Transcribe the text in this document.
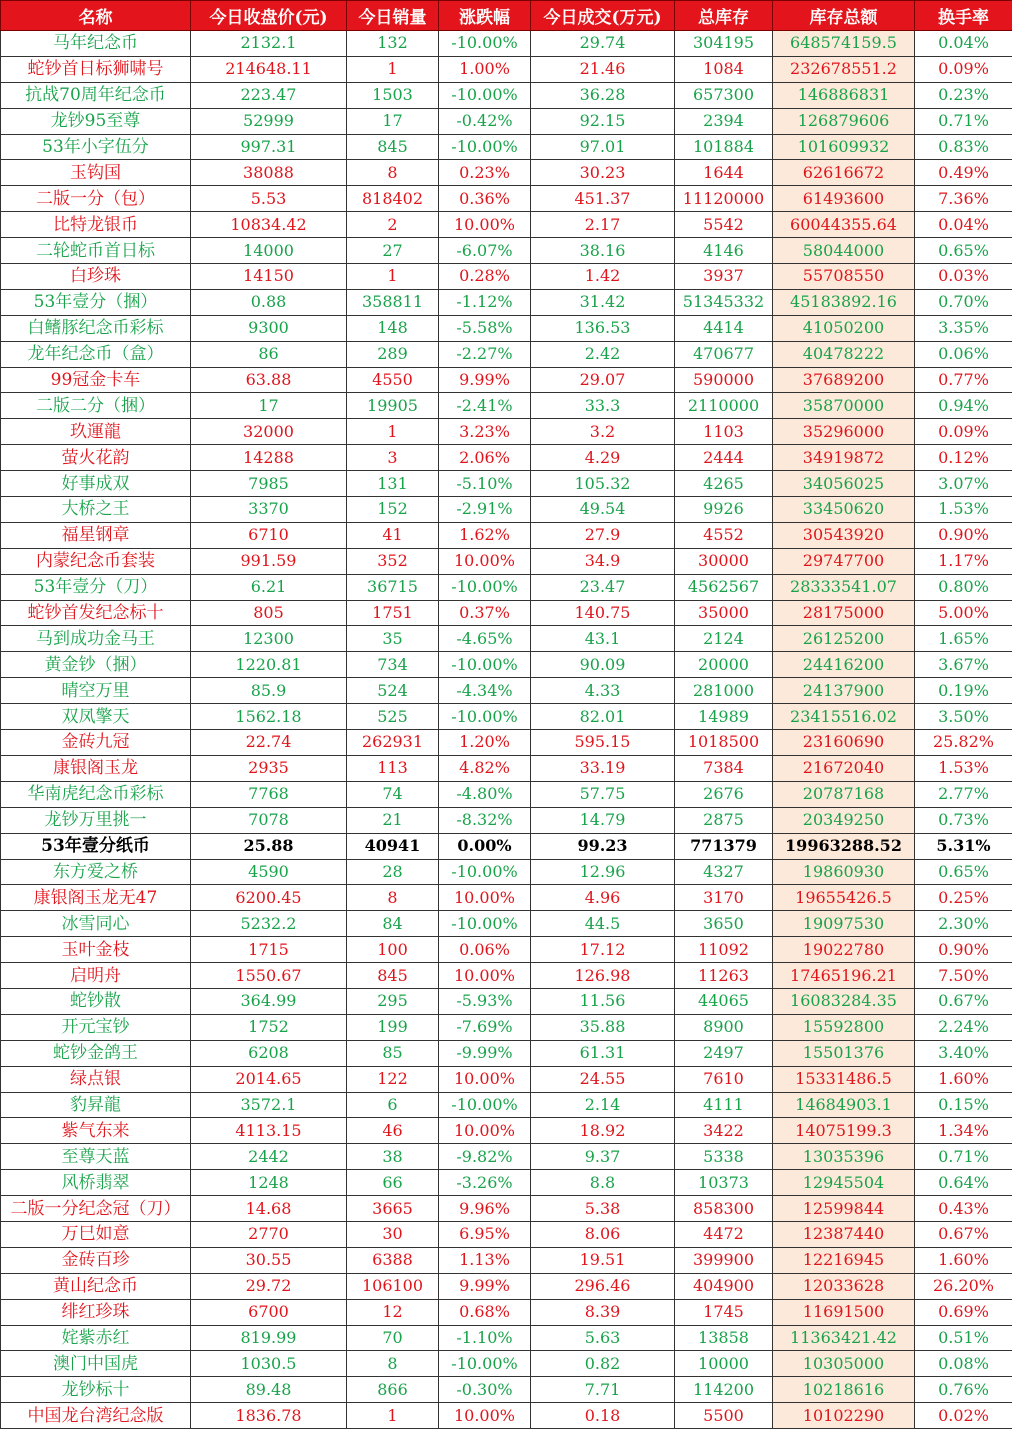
名称	今日收盘价(元)	今日销量	涨跌幅	今日成交(万元)	总库存	库存总额	换手率
马年纪念币	2132.1	132	-10.00%	29.74	304195	648574159.5	0.04%
蛇钞首日标狮啸号	214648.11	1	1.00%	21.46	1084	232678551.2	0.09%
抗战70周年纪念币	223.47	1503	-10.00%	36.28	657300	146886831	0.23%
龙钞95至尊	52999	17	-0.42%	92.15	2394	126879606	0.71%
53年小字伍分	997.31	845	-10.00%	97.01	101884	101609932	0.83%
玉钩国	38088	8	0.23%	30.23	1644	62616672	0.49%
二版一分（包）	5.53	818402	0.36%	451.37	11120000	61493600	7.36%
比特龙银币	10834.42	2	10.00%	2.17	5542	60044355.64	0.04%
二轮蛇币首日标	14000	27	-6.07%	38.16	4146	58044000	0.65%
白珍珠	14150	1	0.28%	1.42	3937	55708550	0.03%
53年壹分（捆）	0.88	358811	-1.12%	31.42	51345332	45183892.16	0.70%
白鳍豚纪念币彩标	9300	148	-5.58%	136.53	4414	41050200	3.35%
龙年纪念币（盒）	86	289	-2.27%	2.42	470677	40478222	0.06%
99冠金卡车	63.88	4550	9.99%	29.07	590000	37689200	0.77%
二版二分（捆）	17	19905	-2.41%	33.3	2110000	35870000	0.94%
玖運龍	32000	1	3.23%	3.2	1103	35296000	0.09%
萤火花韵	14288	3	2.06%	4.29	2444	34919872	0.12%
好事成双	7985	131	-5.10%	105.32	4265	34056025	3.07%
大桥之王	3370	152	-2.91%	49.54	9926	33450620	1.53%
福星钢章	6710	41	1.62%	27.9	4552	30543920	0.90%
内蒙纪念币套装	991.59	352	10.00%	34.9	30000	29747700	1.17%
53年壹分（刀）	6.21	36715	-10.00%	23.47	4562567	28333541.07	0.80%
蛇钞首发纪念标十	805	1751	0.37%	140.75	35000	28175000	5.00%
马到成功金马王	12300	35	-4.65%	43.1	2124	26125200	1.65%
黄金钞（捆）	1220.81	734	-10.00%	90.09	20000	24416200	3.67%
晴空万里	85.9	524	-4.34%	4.33	281000	24137900	0.19%
双凤擎天	1562.18	525	-10.00%	82.01	14989	23415516.02	3.50%
金砖九冠	22.74	262931	1.20%	595.15	1018500	23160690	25.82%
康银阁玉龙	2935	113	4.82%	33.19	7384	21672040	1.53%
华南虎纪念币彩标	7768	74	-4.80%	57.75	2676	20787168	2.77%
龙钞万里挑一	7078	21	-8.32%	14.79	2875	20349250	0.73%
53年壹分纸币	25.88	40941	0.00%	99.23	771379	19963288.52	5.31%
东方爱之桥	4590	28	-10.00%	12.96	4327	19860930	0.65%
康银阁玉龙无47	6200.45	8	10.00%	4.96	3170	19655426.5	0.25%
冰雪同心	5232.2	84	-10.00%	44.5	3650	19097530	2.30%
玉叶金枝	1715	100	0.06%	17.12	11092	19022780	0.90%
启明舟	1550.67	845	10.00%	126.98	11263	17465196.21	7.50%
蛇钞散	364.99	295	-5.93%	11.56	44065	16083284.35	0.67%
开元宝钞	1752	199	-7.69%	35.88	8900	15592800	2.24%
蛇钞金鸽王	6208	85	-9.99%	61.31	2497	15501376	3.40%
绿点银	2014.65	122	10.00%	24.55	7610	15331486.5	1.60%
豹昇龍	3572.1	6	-10.00%	2.14	4111	14684903.1	0.15%
紫气东来	4113.15	46	10.00%	18.92	3422	14075199.3	1.34%
至尊天蓝	2442	38	-9.82%	9.37	5338	13035396	0.71%
风桥翡翠	1248	66	-3.26%	8.8	10373	12945504	0.64%
二版一分纪念冠（刀）	14.68	3665	9.96%	5.38	858300	12599844	0.43%
万巳如意	2770	30	6.95%	8.06	4472	12387440	0.67%
金砖百珍	30.55	6388	1.13%	19.51	399900	12216945	1.60%
黄山纪念币	29.72	106100	9.99%	296.46	404900	12033628	26.20%
绯红珍珠	6700	12	0.68%	8.39	1745	11691500	0.69%
姹紫赤红	819.99	70	-1.10%	5.63	13858	11363421.42	0.51%
澳门中国虎	1030.5	8	-10.00%	0.82	10000	10305000	0.08%
龙钞标十	89.48	866	-0.30%	7.71	114200	10218616	0.76%
中国龙台湾纪念版	1836.78	1	10.00%	0.18	5500	10102290	0.02%
